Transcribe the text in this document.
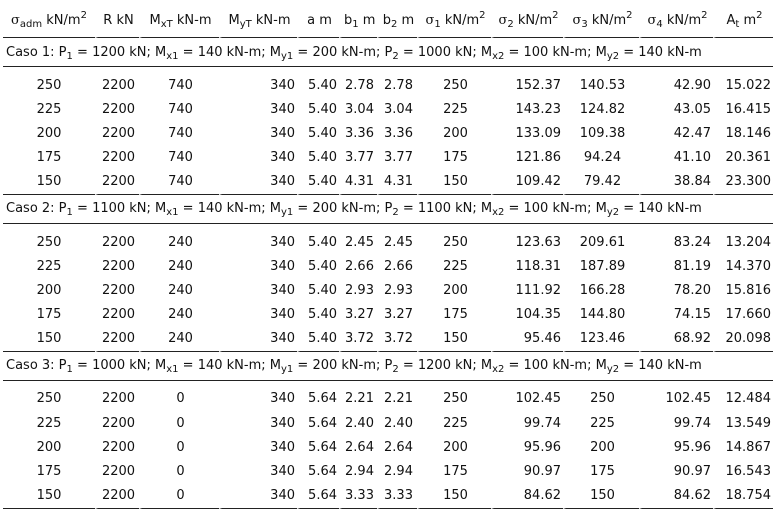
$\sigma_{adm}$ $kN/m^2$	R kN	$M_{xT}$ kN-m	$M_{yT}$ kN-m	a m	$b_1$ m	$b_2$ m	$\sigma_1$ $kN/m^2$	$\sigma_2$ $kN/m^2$	$\sigma_3$ $kN/m^2$	$\sigma_4$ $kN/m^2$	$A_t$ $m^2$
Caso 1: $P_1 = 1200$ kN; $M_{x1} = 140$ kN-m; $M_{y1} = 200$ kN-m; $P_2 = 1000$ kN; $M_{x2} = 100$ kN-m; $M_{y2} = 140$ kN-m											

250	2200	740	340	5.40	2.78	2.78	250	152.37	140.53	42.90	15.022
225	2200	740	340	5.40	3.04	3.04	225	143.23	124.82	43.05	16.415
200	2200	740	340	5.40	3.36	3.36	200	133.09	109.38	42.47	18.146
175	2200	740	340	5.40	3.77	3.77	175	121.86	94.24	41.10	20.361
150	2200	740	340	5.40	4.31	4.31	150	109.42	79.42	38.84	23.300
Caso 2: $P_1 = 1100$ kN; $M_{x1} = 140$ kN-m; $M_{y1} = 200$ kN-m; $P_2 = 1100$ kN; $M_{x2} = 100$ kN-m; $M_{y2} = 140$ kN-m											

250	2200	240	340	5.40	2.45	2.45	250	123.63	209.61	83.24	13.204
225	2200	240	340	5.40	2.66	2.66	225	118.31	187.89	81.19	14.370
200	2200	240	340	5.40	2.93	2.93	200	111.92	166.28	78.20	15.816
175	2200	240	340	5.40	3.27	3.27	175	104.35	144.80	74.15	17.660
150	2200	240	340	5.40	3.72	3.72	150	95.46	123.46	68.92	20.098
Caso 3: $P_1 = 1000$ kN; $M_{x1} = 140$ kN-m; $M_{y1} = 200$ kN-m; $P_2 = 1200$ kN; $M_{x2} = 100$ kN-m; $M_{y2} = 140$ kN-m											

250	2200	0	340	5.64	2.21	2.21	250	102.45	250	102.45	12.484
225	2200	0	340	5.64	2.40	2.40	225	99.74	225	99.74	13.549
200	2200	0	340	5.64	2.64	2.64	200	95.96	200	95.96	14.867
175	2200	0	340	5.64	2.94	2.94	175	90.97	175	90.97	16.543
150	2200	0	340	5.64	3.33	3.33	150	84.62	150	84.62	18.754
